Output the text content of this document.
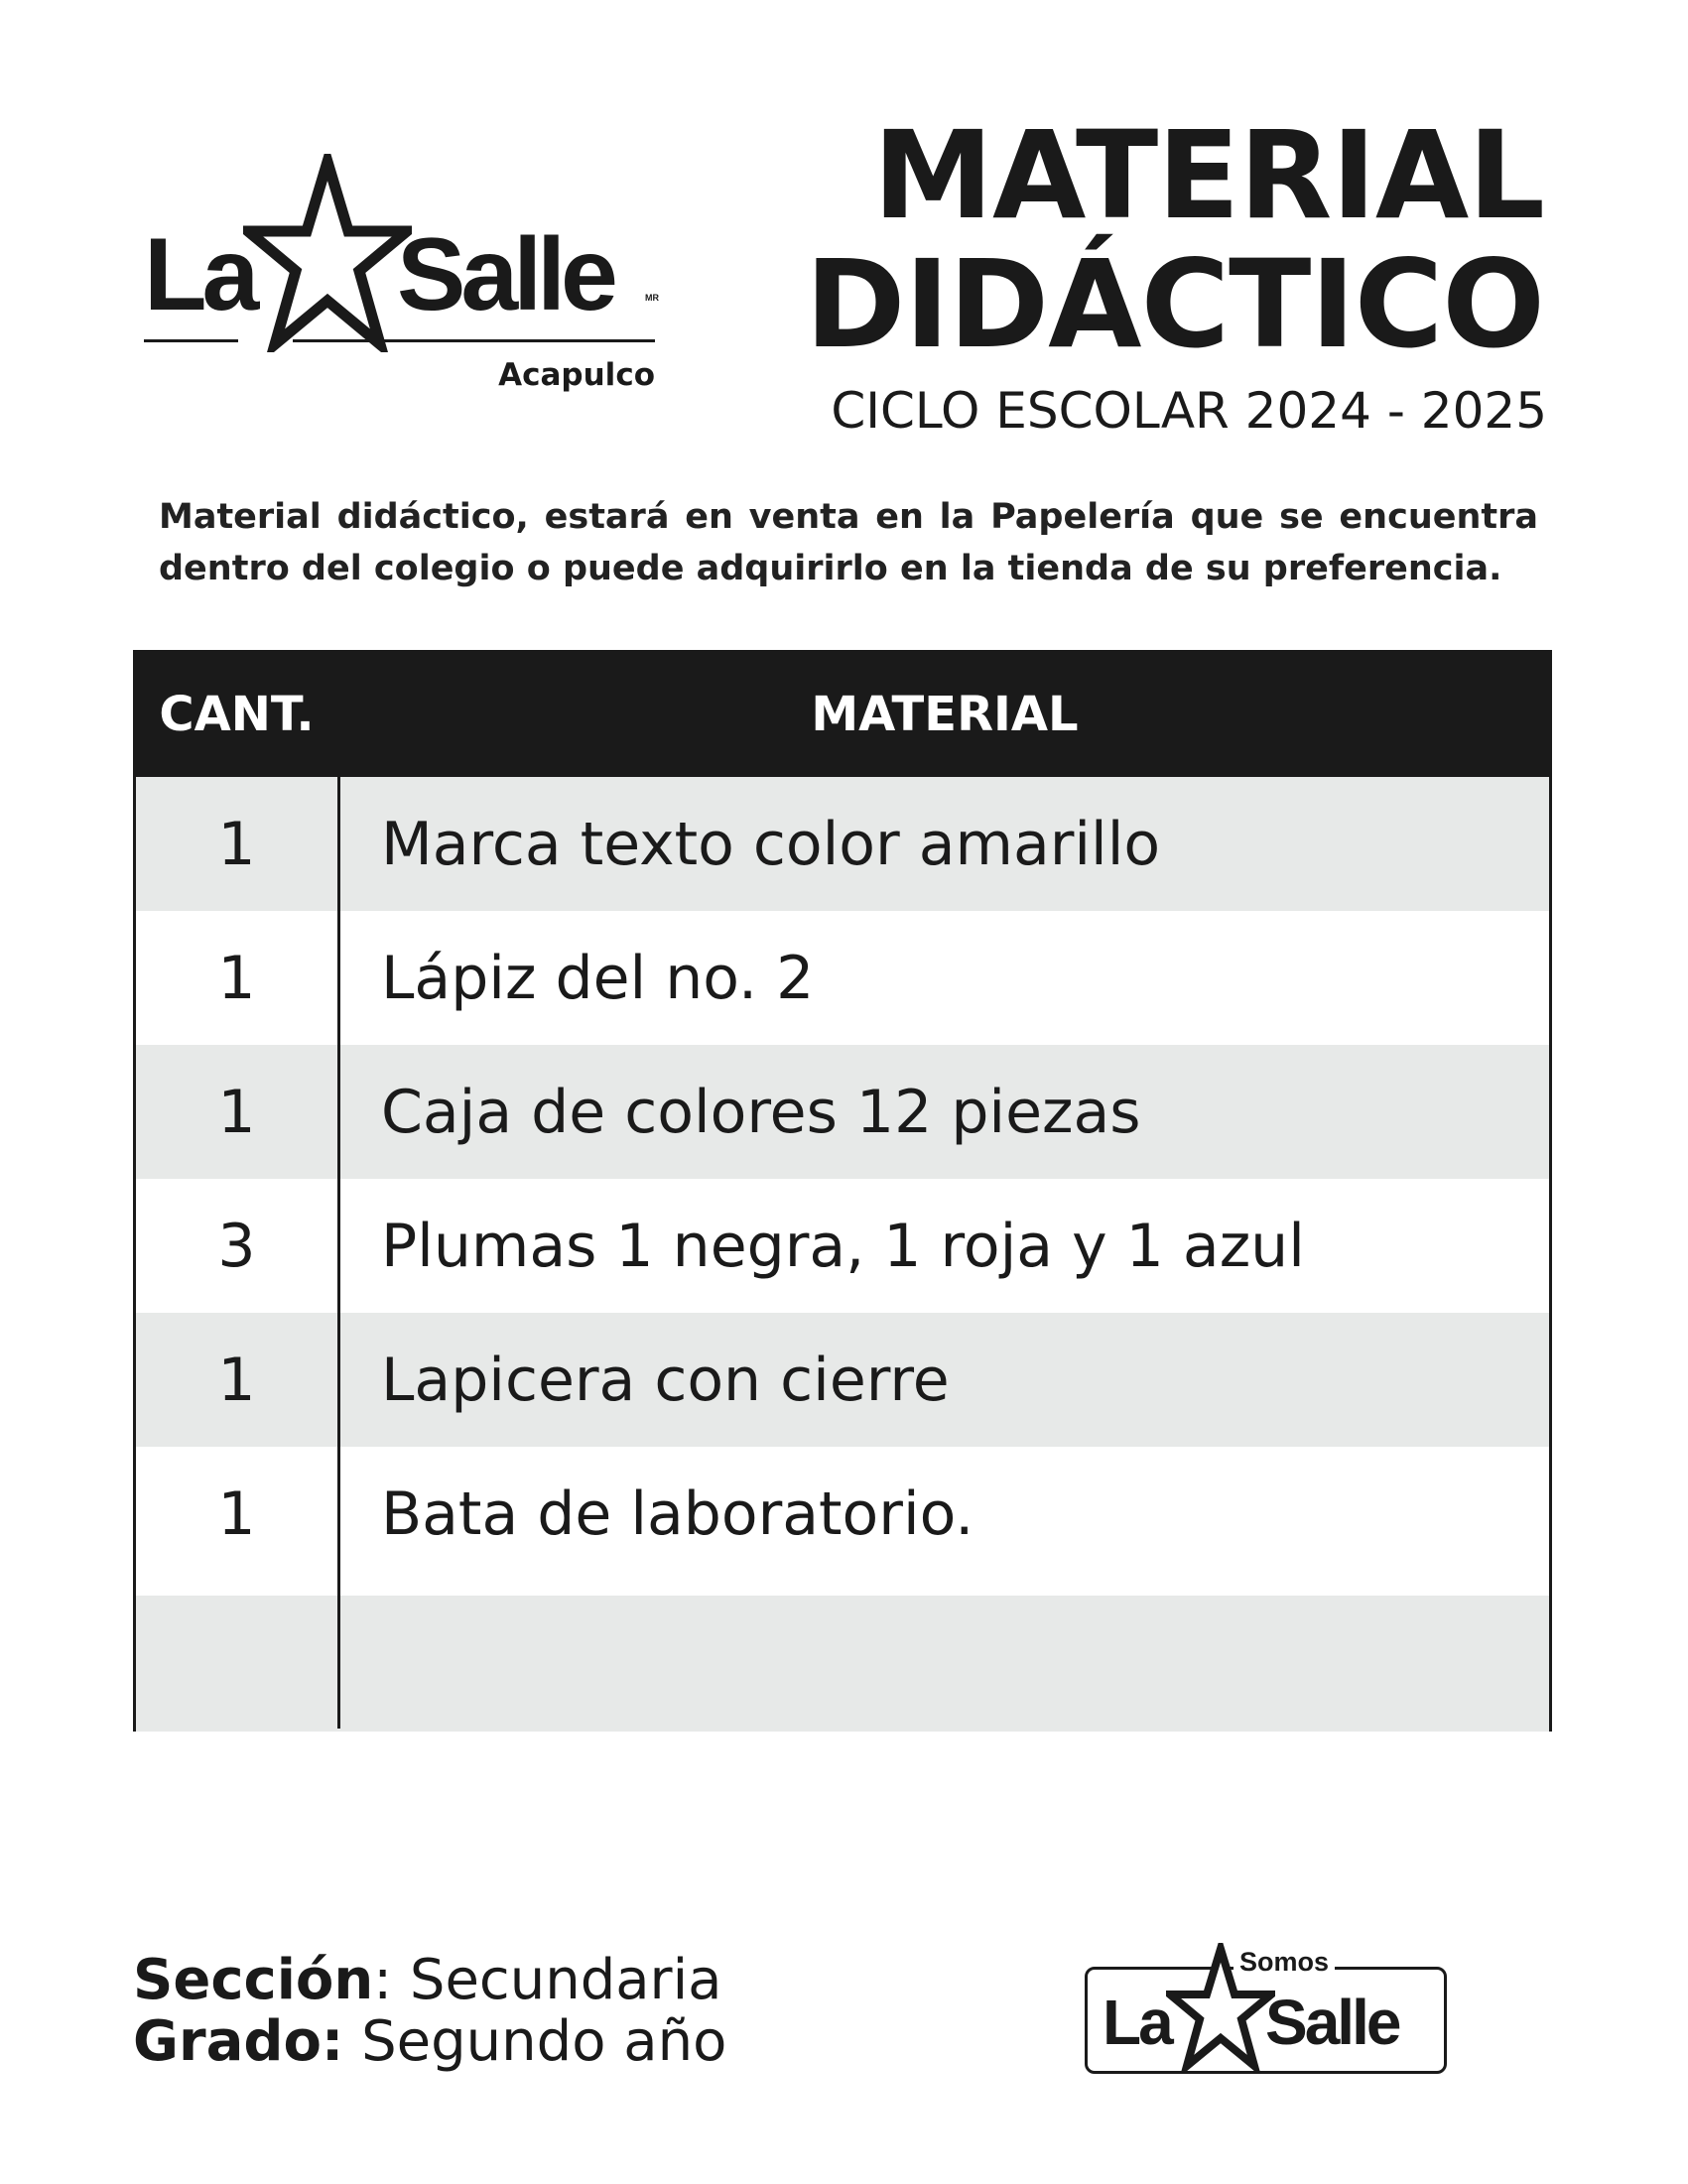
La Salle	MR
Acapulco
MATERIAL
DIDÁCTICO
CICLO ESCOLAR 2024 - 2025
Material didáctico, estará en venta en la Papelería que se encuentra dentro del colegio o puede adquirirlo en la tienda de su preferencia.
CANT.	MATERIAL
1	Marca texto color amarillo
1	Lápiz del no. 2
1	Caja de colores 12 piezas
3	Plumas 1 negra, 1 roja y 1 azul
1	Lapicera con cierre
1	Bata de laboratorio.
Sección: Secundaria
Grado: Segundo año
Somos
La Salle
